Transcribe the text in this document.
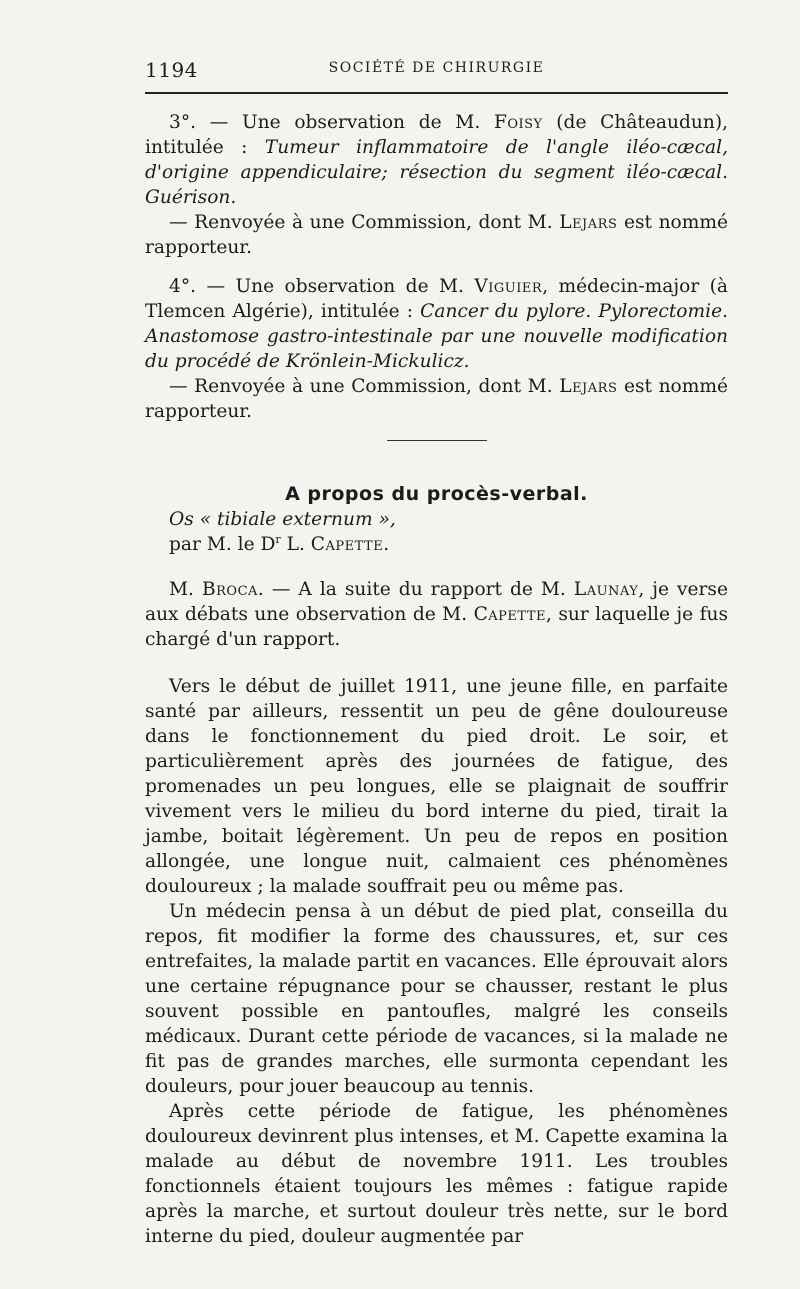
1194	SOCIÉTÉ DE CHIRURGIE

3°. — Une observation de M. Foisy (de Châteaudun), intitulée : Tumeur inflammatoire de l'angle iléo-cæcal, d'origine appendiculaire; résection du segment iléo-cæcal. Guérison.

— Renvoyée à une Commission, dont M. Lejars est nommé rapporteur.

4°. — Une observation de M. Viguier, médecin-major (à Tlemcen Algérie), intitulée : Cancer du pylore. Pylorectomie. Anastomose gastro-intestinale par une nouvelle modification du procédé de Krönlein-Mickulicz.

— Renvoyée à une Commission, dont M. Lejars est nommé rapporteur.

A propos du procès-verbal.

Os « tibiale externum »,

par M. le $D^r$ L. Capette.

M. Broca. — A la suite du rapport de M. Launay, je verse aux débats une observation de M. Capette, sur laquelle je fus chargé d'un rapport.

Vers le début de juillet 1911, une jeune fille, en parfaite santé par ailleurs, ressentit un peu de gêne douloureuse dans le fonctionnement du pied droit. Le soir, et particulièrement après des journées de fatigue, des promenades un peu longues, elle se plaignait de souffrir vivement vers le milieu du bord interne du pied, tirait la jambe, boitait légèrement. Un peu de repos en position allongée, une longue nuit, calmaient ces phénomènes douloureux ; la malade souffrait peu ou même pas.

Un médecin pensa à un début de pied plat, conseilla du repos, fit modifier la forme des chaussures, et, sur ces entrefaites, la malade partit en vacances. Elle éprouvait alors une certaine répugnance pour se chausser, restant le plus souvent possible en pantoufles, malgré les conseils médicaux. Durant cette période de vacances, si la malade ne fit pas de grandes marches, elle surmonta cependant les douleurs, pour jouer beaucoup au tennis.

Après cette période de fatigue, les phénomènes douloureux devinrent plus intenses, et M. Capette examina la malade au début de novembre 1911. Les troubles fonctionnels étaient toujours les mêmes : fatigue rapide après la marche, et surtout douleur très nette, sur le bord interne du pied, douleur augmentée par
